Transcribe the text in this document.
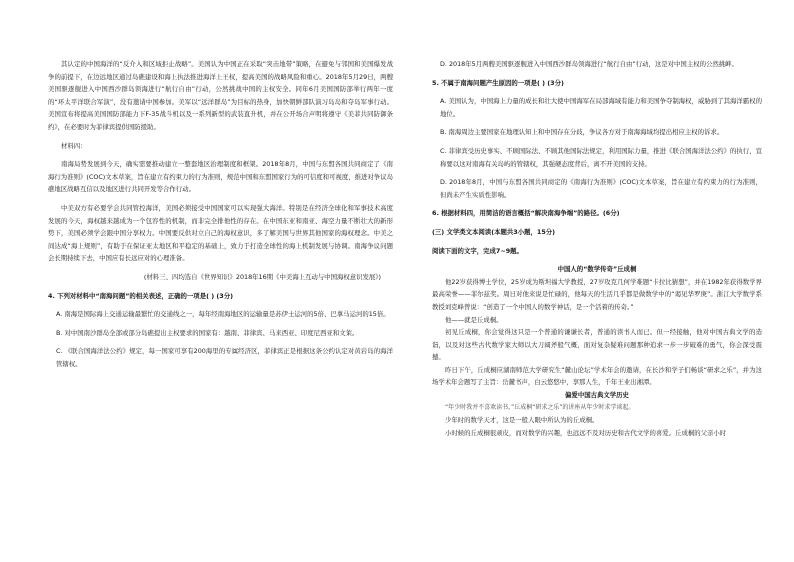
其认定的中国海洋的“反介入和区域拒止战略”。美国认为中国正在采取“突击地带”策略，在避免与邻国和美国爆发战争的前提下，在边远地区通过岛礁建设和海上执法推进海洋上王权，提高美国的战略风险和重心。2018年5月29日，两艘美国驱逐舰进入中国西沙群岛领海进行“航行自由”行动，公然挑战中国的主权安全。同年6月美国国防部举行两年一度的“环太平洋联合军演”，没有邀请中国参加。美军以“远洋群岛”为目标的热身，加快朝鲜部队演习岛岛和夺岛军事行动。美国宣布将提高美国国防部能力下F-35战斗机以及一系列新型的武装直升机，并在公开场合声明将遵守《美菲共同防御条约》，在必要时为菲律宾提供国防援助。

材料四：

南海局势发展到今天，确实需要推动建立一整套地区治理制度和框架。2018年8月，中国与东盟各国共同商定了《南海行为准则》(COC)文本草案，旨在建立有约束力的行为准则，规范中国和东盟国家行为的可信度和可视度，推进对争议岛礁地区战略互信以及地区进行共同开发等合作行动。

中美双方有必要学会共同管控海洋，美国必须接受中国国家可以实现强大海洋。特别是在经济全球化和军事技术高度发展的今天，海权越来越成为一个包容性的机制，而非完全排他性的存在。在中国东亚和南亚、海空力量不断壮大的新形势下，美国必须学会跟中国分享权力。中国要反供对立自己的海权意识，多了解美国与世界其他国家的海权理念。中美之间达成“海上规则”，有助于在保证亚太地区和平稳定的基础上，致力于打造全球性的海上机制发展与协调。南海争议问题会长期持续下去，中国应有长远应对的心理准备。

(材料三、四均选自《世界知识》2018年16期《中美海上互动与中国海权意识发展》)

4. 下列对材料中“南海问题”的相关表述，正确的一项是( ) (3分)

A. 南海是国际海上交通运输最繁忙的交通线之一，每年经南海地区的运输量是苏伊士运河的5倍、巴拿马运河的15倍。

B. 对中国南沙群岛全部或部分岛礁提出主权要求的国家有：越南、菲律宾、马来西亚、印度尼西亚和文莱。

C. 《联合国海洋法公约》规定，每一国家可享有200海里的专属经济区，菲律宾正是根据这条公约认定对黄岩岛的海洋管辖权。

D. 2018年5月两艘美国驱逐舰进入中国西沙群岛领海进行“航行自由”行动，这是对中国主权的公然挑衅。

5. 不属于南海问题产生原因的一项是( ) (3分)

A. 美国认为，中国海上力量的成长和壮大使中国海军在局部海域有能力和美国争夺制海权，威胁到了其海洋霸权的地位。

B. 南海周边主要国家在地理认知上和中国存在分歧，争议各方对于南海海域均提出相应主权的诉求。

C. 菲律宾受历史事实、不顾国际法、不顾其他国际法规定，利用国际力量，推进《联合国海洋法公约》的执行，宣称要以这对南海有关岛屿的管辖权，其强硬态度背后，离不开美国的支持。

D. 2018年8月，中国与东盟各国共同商定的《南海行为准则》(COC)文本草案，旨在建立有约束力的行为准则，但尚未产生实质性影响。

6. 根据材料四，用简洁的语言概括“解决南海争端”的路径。(6分)

(三) 文学类文本阅读(本题共3小题，15分)

阅读下面的文字，完成7~9题。

中国人的“数学传奇”丘成桐

他22岁获得博士学位，25岁成为斯坦福大学教授，27岁攻克几何学难题“卡拉比猜想”，并在1982年获得数学界最高荣誉——菲尔兹奖。周日对他来说是忙碌的，他每天的生活几乎都是做数学中的“谒见华罗庚”。浙江大学数学系教授刘克峰曾说：“创造了一个中国人的数学神话，是一个活着的传奇。”

他——就是丘成桐。

初见丘成桐，你会觉得这只是一个普通的谦谦长者，普通的读书人而已。但一经接触，他对中国古典文学的造诣，以及对这些古代数学家大师以大刀阔斧般气概，面对复杂疑难问题那种追求一步一步破难的勇气，你会深受震撼。

昨日下午，丘成桐应湖南师范大学研究生“麓山论坛”学术年会的邀请，在长沙和学子们畅谈“研求之乐”，并为这场学术年会题写了主旨：岳麓书声，白云悠悠中，享那人生，千年王业出湘潭。

偏爱中国古典文学历史

“年少时我并不喜欢读书，”丘成桐“研求之乐”的讲座从年少时求学谈起。

少年时的数学天才，这是一般人眼中所认为的丘成桐。

小时候的丘成桐很顽皮，而对数学的兴趣，也远远不及对历史和古代文学的喜爱。丘成桐的父亲小时
